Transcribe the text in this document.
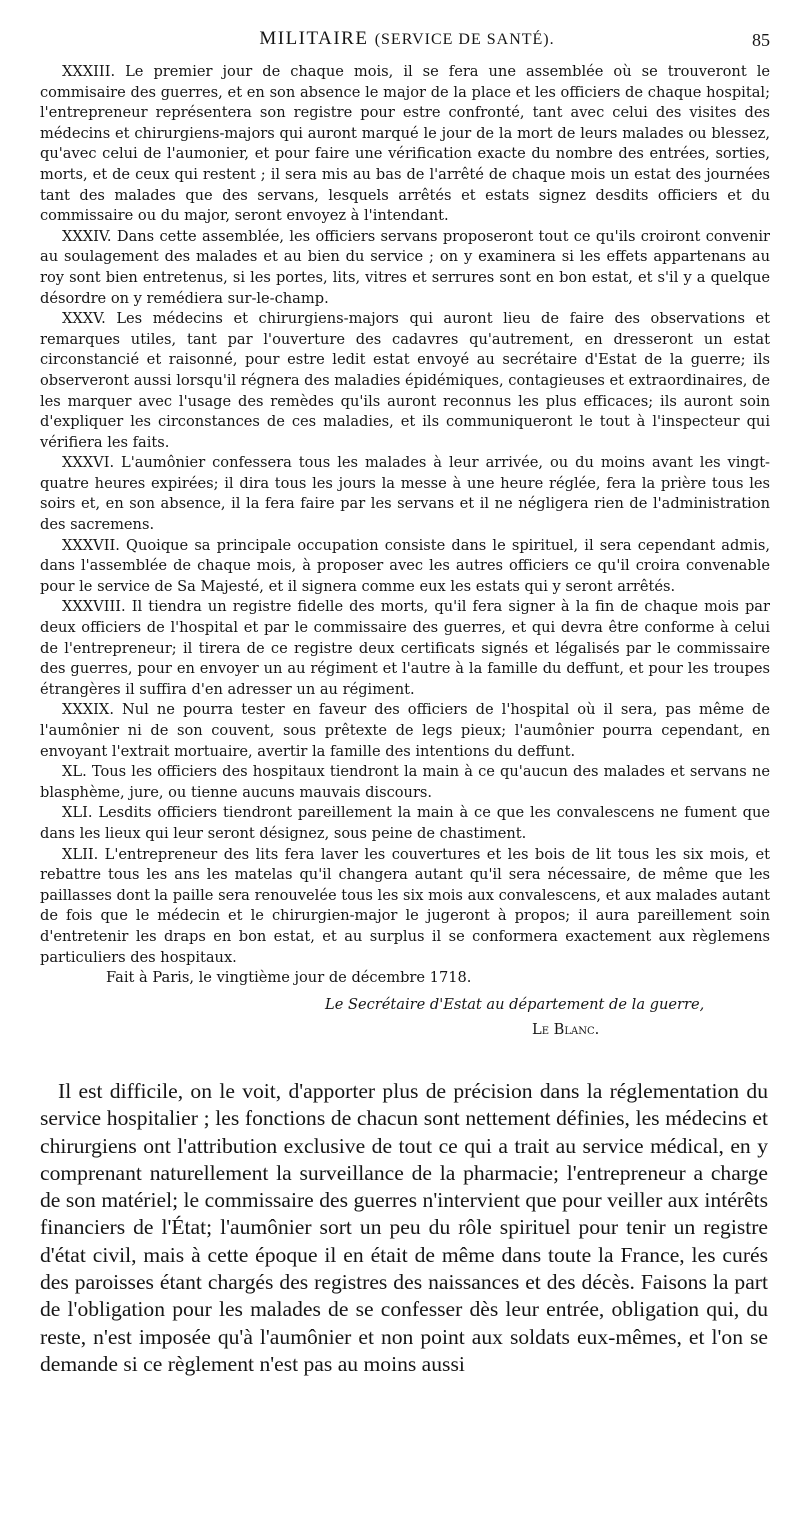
MILITAIRE (SERVICE DE SANTÉ).	85

XXXIII. Le premier jour de chaque mois, il se fera une assemblée où se trouveront le commisaire des guerres, et en son absence le major de la place et les officiers de chaque hospital; l'entrepreneur représentera son registre pour estre confronté, tant avec celui des visites des médecins et chirurgiens-majors qui auront marqué le jour de la mort de leurs malades ou blessez, qu'avec celui de l'aumonier, et pour faire une vérification exacte du nombre des entrées, sorties, morts, et de ceux qui restent ; il sera mis au bas de l'arrêté de chaque mois un estat des journées tant des malades que des servans, lesquels arrêtés et estats signez desdits officiers et du commissaire ou du major, seront envoyez à l'intendant.

XXXIV. Dans cette assemblée, les officiers servans proposeront tout ce qu'ils croiront convenir au soulagement des malades et au bien du service ; on y examinera si les effets appartenans au roy sont bien entretenus, si les portes, lits, vitres et serrures sont en bon estat, et s'il y a quelque désordre on y remédiera sur-le-champ.

XXXV. Les médecins et chirurgiens-majors qui auront lieu de faire des observations et remarques utiles, tant par l'ouverture des cadavres qu'autrement, en dresseront un estat circonstancié et raisonné, pour estre ledit estat envoyé au secrétaire d'Estat de la guerre; ils observeront aussi lorsqu'il régnera des maladies épidémiques, contagieuses et extraordinaires, de les marquer avec l'usage des remèdes qu'ils auront reconnus les plus efficaces; ils auront soin d'expliquer les circonstances de ces maladies, et ils communiqueront le tout à l'inspecteur qui vérifiera les faits.

XXXVI. L'aumônier confessera tous les malades à leur arrivée, ou du moins avant les vingt-quatre heures expirées; il dira tous les jours la messe à une heure réglée, fera la prière tous les soirs et, en son absence, il la fera faire par les servans et il ne négligera rien de l'administration des sacremens.

XXXVII. Quoique sa principale occupation consiste dans le spirituel, il sera cependant admis, dans l'assemblée de chaque mois, à proposer avec les autres officiers ce qu'il croira convenable pour le service de Sa Majesté, et il signera comme eux les estats qui y seront arrêtés.

XXXVIII. Il tiendra un registre fidelle des morts, qu'il fera signer à la fin de chaque mois par deux officiers de l'hospital et par le commissaire des guerres, et qui devra être conforme à celui de l'entrepreneur; il tirera de ce registre deux certificats signés et légalisés par le commissaire des guerres, pour en envoyer un au régiment et l'autre à la famille du deffunt, et pour les troupes étrangères il suffira d'en adresser un au régiment.

XXXIX. Nul ne pourra tester en faveur des officiers de l'hospital où il sera, pas même de l'aumônier ni de son couvent, sous prêtexte de legs pieux; l'aumônier pourra cependant, en envoyant l'extrait mortuaire, avertir la famille des intentions du deffunt.

XL. Tous les officiers des hospitaux tiendront la main à ce qu'aucun des malades et servans ne blasphème, jure, ou tienne aucuns mauvais discours.

XLI. Lesdits officiers tiendront pareillement la main à ce que les convalescens ne fument que dans les lieux qui leur seront désignez, sous peine de chastiment.

XLII. L'entrepreneur des lits fera laver les couvertures et les bois de lit tous les six mois, et rebattre tous les ans les matelas qu'il changera autant qu'il sera nécessaire, de même que les paillasses dont la paille sera renouvelée tous les six mois aux convalescens, et aux malades autant de fois que le médecin et le chirurgien-major le jugeront à propos; il aura pareillement soin d'entretenir les draps en bon estat, et au surplus il se conformera exactement aux règlemens particuliers des hospitaux.

Fait à Paris, le vingtième jour de décembre 1718.

Le Secrétaire d'Estat au département de la guerre,

Le Blanc.

Il est difficile, on le voit, d'apporter plus de précision dans la réglementation du service hospitalier ; les fonctions de chacun sont nettement définies, les médecins et chirurgiens ont l'attribution exclusive de tout ce qui a trait au service médical, en y comprenant naturellement la surveillance de la pharmacie; l'entrepreneur a charge de son matériel; le commissaire des guerres n'intervient que pour veiller aux intérêts financiers de l'État; l'aumônier sort un peu du rôle spirituel pour tenir un registre d'état civil, mais à cette époque il en était de même dans toute la France, les curés des paroisses étant chargés des registres des naissances et des décès. Faisons la part de l'obligation pour les malades de se confesser dès leur entrée, obligation qui, du reste, n'est imposée qu'à l'aumônier et non point aux soldats eux-mêmes, et l'on se demande si ce règlement n'est pas au moins aussi
